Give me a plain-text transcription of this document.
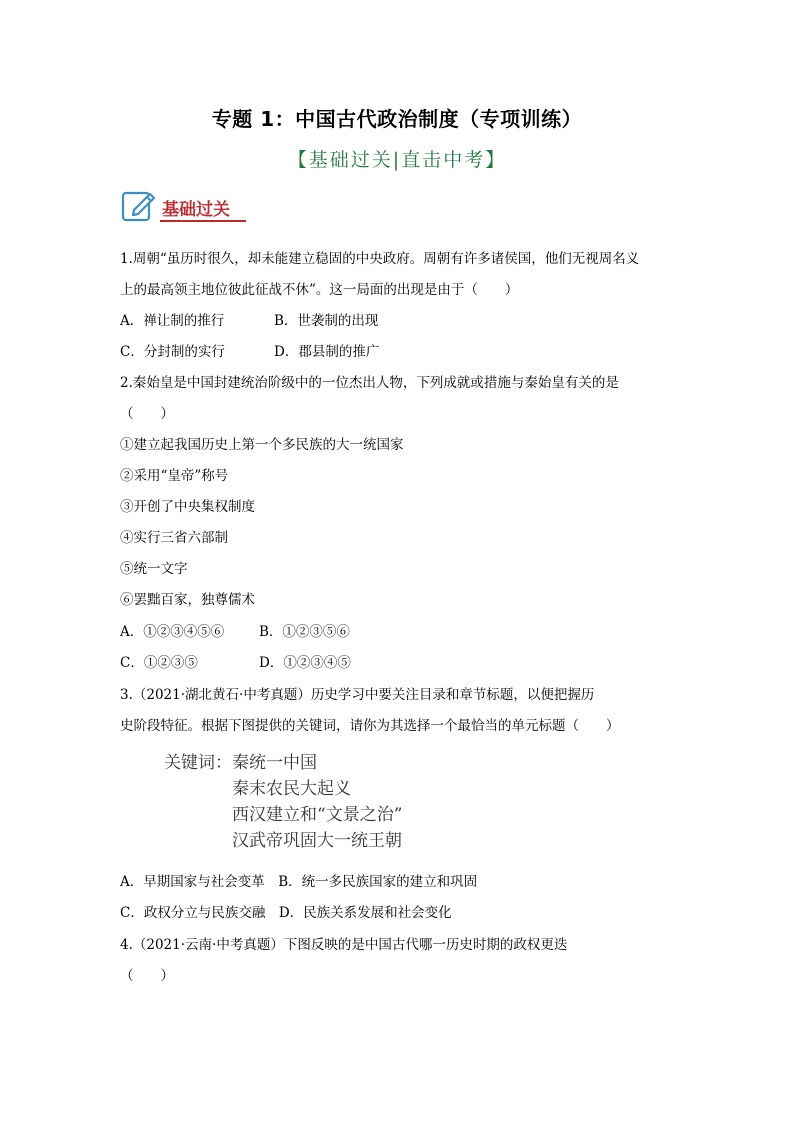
专题 1：中国古代政治制度（专项训练）
【基础过关|直击中考】
基础过关
1.周朝“虽历时很久，却未能建立稳固的中央政府。周朝有许多诸侯国，他们无视周名义
上的最高领主地位彼此征战不休”。这一局面的出现是由于（　　）
A．禅让制的推行	B．世袭制的出现
C．分封制的实行	D．郡县制的推广
2.秦始皇是中国封建统治阶级中的一位杰出人物，下列成就或措施与秦始皇有关的是
（　　）
①建立起我国历史上第一个多民族的大一统国家
②采用“皇帝”称号
③开创了中央集权制度
④实行三省六部制
⑤统一文字
⑥罢黜百家，独尊儒术
A．①②③④⑤⑥	B．①②③⑤⑥
C．①②③⑤	D．①②③④⑤
3.（2021·湖北黄石·中考真题）历史学习中要关注目录和章节标题，以便把握历
史阶段特征。根据下图提供的关键词，请你为其选择一个最恰当的单元标题（　　）
关键词： 秦统一中国
秦末农民大起义
西汉建立和“文景之治”
汉武帝巩固大一统王朝
A．早期国家与社会变革　B．统一多民族国家的建立和巩固
C．政权分立与民族交融　D．民族关系发展和社会变化
4.（2021·云南·中考真题）下图反映的是中国古代哪一历史时期的政权更迭
（　　）
